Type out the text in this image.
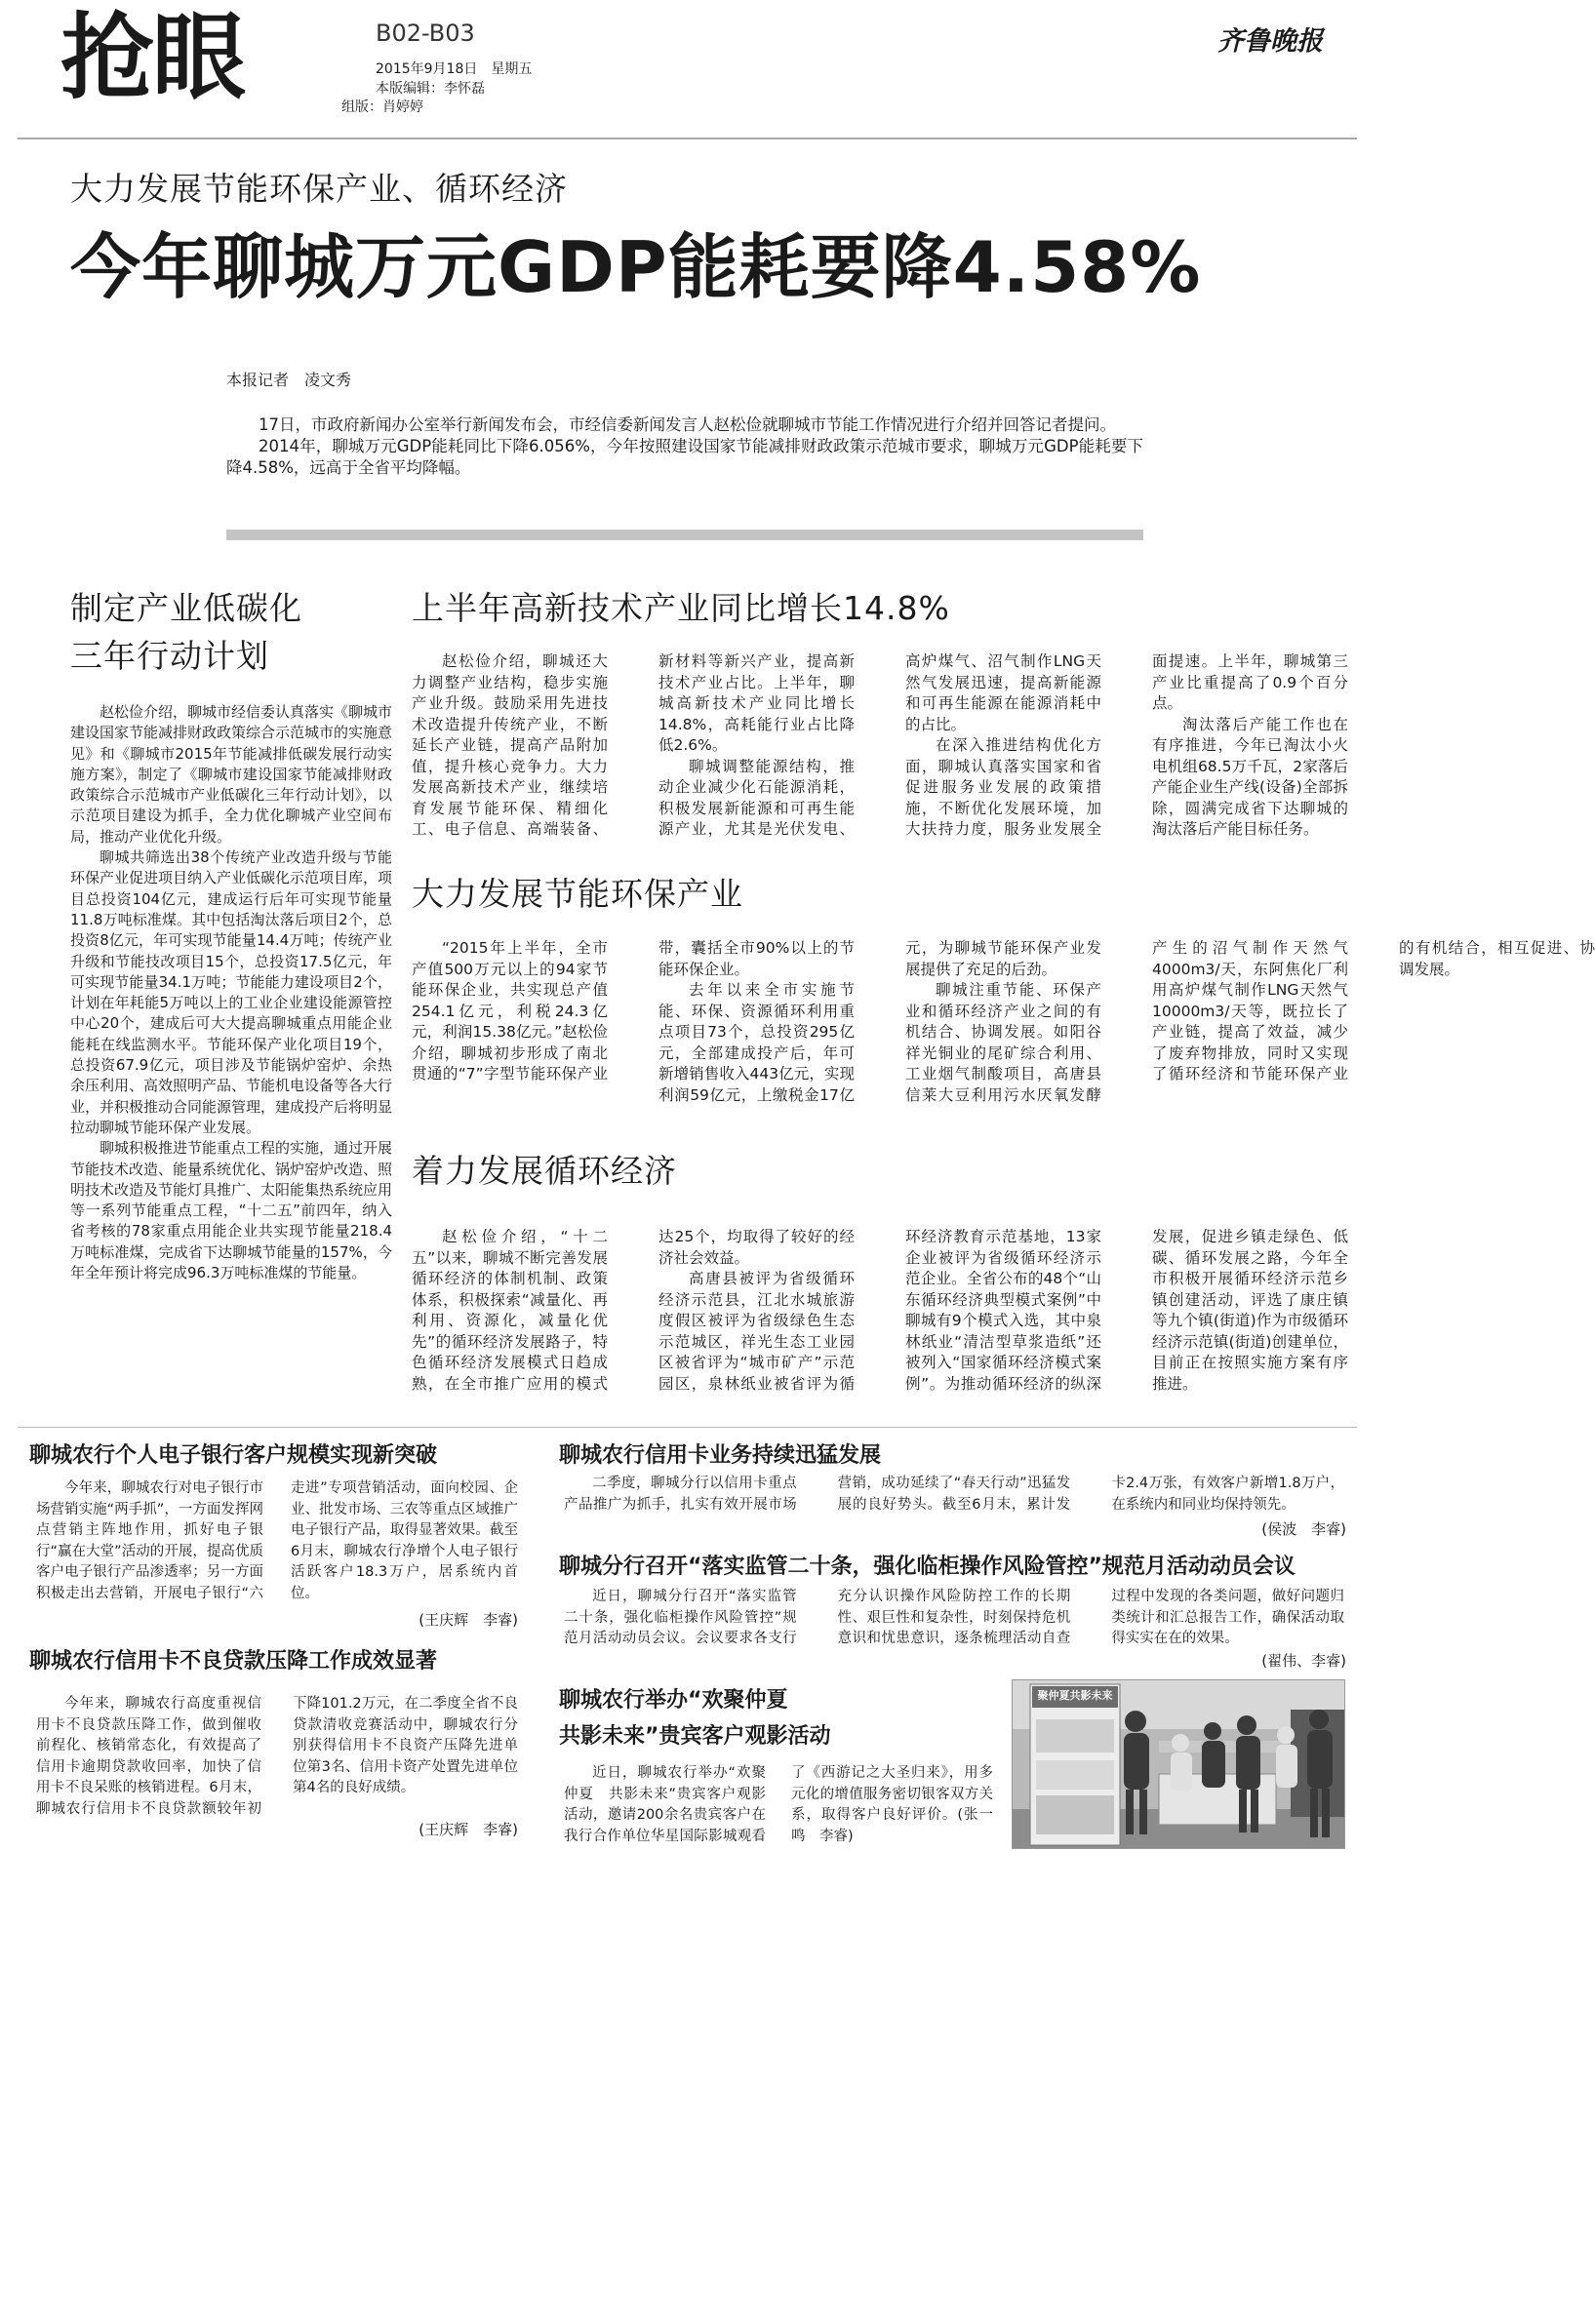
抢眼	B02-B03
2015年9月18日　星期五
本版编辑：李怀磊
组版：肖婷婷
齐鲁晚报
大力发展节能环保产业、循环经济
今年聊城万元GDP能耗要降4.58%
本报记者　凌文秀

17日，市政府新闻办公室举行新闻发布会，市经信委新闻发言人赵松俭就聊城市节能工作情况进行介绍并回答记者提问。

2014年，聊城万元GDP能耗同比下降6.056%，今年按照建设国家节能减排财政政策示范城市要求，聊城万元GDP能耗要下降4.58%，远高于全省平均降幅。

制定产业低碳化
三年行动计划

赵松俭介绍，聊城市经信委认真落实《聊城市建设国家节能减排财政政策综合示范城市的实施意见》和《聊城市2015年节能减排低碳发展行动实施方案》，制定了《聊城市建设国家节能减排财政政策综合示范城市产业低碳化三年行动计划》，以示范项目建设为抓手，全力优化聊城产业空间布局，推动产业优化升级。

聊城共筛选出38个传统产业改造升级与节能环保产业促进项目纳入产业低碳化示范项目库，项目总投资104亿元，建成运行后年可实现节能量11.8万吨标准煤。其中包括淘汰落后项目2个，总投资8亿元，年可实现节能量14.4万吨；传统产业升级和节能技改项目15个，总投资17.5亿元，年可实现节能量34.1万吨；节能能力建设项目2个，计划在年耗能5万吨以上的工业企业建设能源管控中心20个，建成后可大大提高聊城重点用能企业能耗在线监测水平。节能环保产业化项目19个，总投资67.9亿元，项目涉及节能锅炉窑炉、余热余压利用、高效照明产品、节能机电设备等各大行业，并积极推动合同能源管理，建成投产后将明显拉动聊城节能环保产业发展。

聊城积极推进节能重点工程的实施，通过开展节能技术改造、能量系统优化、锅炉窑炉改造、照明技术改造及节能灯具推广、太阳能集热系统应用等一系列节能重点工程，“十二五”前四年，纳入省考核的78家重点用能企业共实现节能量218.4万吨标准煤，完成省下达聊城节能量的157%，今年全年预计将完成96.3万吨标准煤的节能量。

上半年高新技术产业同比增长14.8%

赵松俭介绍，聊城还大力调整产业结构，稳步实施产业升级。鼓励采用先进技术改造提升传统产业，不断延长产业链，提高产品附加值，提升核心竞争力。大力发展高新技术产业，继续培育发展节能环保、精细化工、电子信息、高端装备、新材料等新兴产业，提高新技术产业占比。上半年，聊城高新技术产业同比增长14.8%，高耗能行业占比降低2.6%。

聊城调整能源结构，推动企业减少化石能源消耗，积极发展新能源和可再生能源产业，尤其是光伏发电、高炉煤气、沼气制作LNG天然气发展迅速，提高新能源和可再生能源在能源消耗中的占比。

在深入推进结构优化方面，聊城认真落实国家和省促进服务业发展的政策措施，不断优化发展环境，加大扶持力度，服务业发展全面提速。上半年，聊城第三产业比重提高了0.9个百分点。

淘汰落后产能工作也在有序推进，今年已淘汰小火电机组68.5万千瓦，2家落后产能企业生产线(设备)全部拆除，圆满完成省下达聊城的淘汰落后产能目标任务。

大力发展节能环保产业

“2015年上半年，全市产值500万元以上的94家节能环保企业，共实现总产值254.1亿元，利税24.3亿元，利润15.38亿元。”赵松俭介绍，聊城初步形成了南北贯通的“7”字型节能环保产业带，囊括全市90%以上的节能环保企业。

去年以来全市实施节能、环保、资源循环利用重点项目73个，总投资295亿元，全部建成投产后，年可新增销售收入443亿元，实现利润59亿元，上缴税金17亿元，为聊城节能环保产业发展提供了充足的后劲。

聊城注重节能、环保产业和循环经济产业之间的有机结合、协调发展。如阳谷祥光铜业的尾矿综合利用、工业烟气制酸项目，高唐县信莱大豆利用污水厌氧发酵产生的沼气制作天然气4000m3/天，东阿焦化厂利用高炉煤气制作LNG天然气10000m3/天等，既拉长了产业链，提高了效益，减少了废弃物排放，同时又实现了循环经济和节能环保产业的有机结合，相互促进、协调发展。

着力发展循环经济

赵松俭介绍，“十二五”以来，聊城不断完善发展循环经济的体制机制、政策体系，积极探索“减量化、再利用、资源化，减量化优先”的循环经济发展路子，特色循环经济发展模式日趋成熟，在全市推广应用的模式达25个，均取得了较好的经济社会效益。

高唐县被评为省级循环经济示范县，江北水城旅游度假区被评为省级绿色生态示范城区，祥光生态工业园区被省评为“城市矿产”示范园区，泉林纸业被省评为循环经济教育示范基地，13家企业被评为省级循环经济示范企业。全省公布的48个“山东循环经济典型模式案例”中聊城有9个模式入选，其中泉林纸业“清洁型草浆造纸”还被列入“国家循环经济模式案例”。为推动循环经济的纵深发展，促进乡镇走绿色、低碳、循环发展之路，今年全市积极开展循环经济示范乡镇创建活动，评选了康庄镇等九个镇(街道)作为市级循环经济示范镇(街道)创建单位，目前正在按照实施方案有序推进。

聊城农行个人电子银行客户规模实现新突破

今年来，聊城农行对电子银行市场营销实施“两手抓”，一方面发挥网点营销主阵地作用，抓好电子银行“赢在大堂”活动的开展，提高优质客户电子银行产品渗透率；另一方面积极走出去营销，开展电子银行“六走进”专项营销活动，面向校园、企业、批发市场、三农等重点区域推广电子银行产品，取得显著效果。截至6月末，聊城农行净增个人电子银行活跃客户18.3万户，居系统内首位。

(王庆辉　李睿)
聊城农行信用卡不良贷款压降工作成效显著

今年来，聊城农行高度重视信用卡不良贷款压降工作，做到催收前程化、核销常态化，有效提高了信用卡逾期贷款收回率，加快了信用卡不良呆账的核销进程。6月末，聊城农行信用卡不良贷款额较年初下降101.2万元，在二季度全省不良贷款清收竞赛活动中，聊城农行分别获得信用卡不良资产压降先进单位第3名、信用卡资产处置先进单位第4名的良好成绩。

(王庆辉　李睿)
聊城农行信用卡业务持续迅猛发展

二季度，聊城分行以信用卡重点产品推广为抓手，扎实有效开展市场营销，成功延续了“春天行动”迅猛发展的良好势头。截至6月末，累计发卡2.4万张，有效客户新增1.8万户，在系统内和同业均保持领先。

(侯波　李睿)
聊城分行召开“落实监管二十条，强化临柜操作风险管控”规范月活动动员会议

近日，聊城分行召开“落实监管二十条，强化临柜操作风险管控”规范月活动动员会议。会议要求各支行充分认识操作风险防控工作的长期性、艰巨性和复杂性，时刻保持危机意识和忧患意识，逐条梳理活动自查过程中发现的各类问题，做好问题归类统计和汇总报告工作，确保活动取得实实在在的效果。

(翟伟、李睿)
聊城农行举办“欢聚仲夏
共影未来”贵宾客户观影活动

近日，聊城农行举办“欢聚仲夏　共影未来”贵宾客户观影活动，邀请200余名贵宾客户在我行合作单位华星国际影城观看了《西游记之大圣归来》，用多元化的增值服务密切银客双方关系，取得客户良好评价。(张一鸣　李睿)

聚仲夏共影未来
